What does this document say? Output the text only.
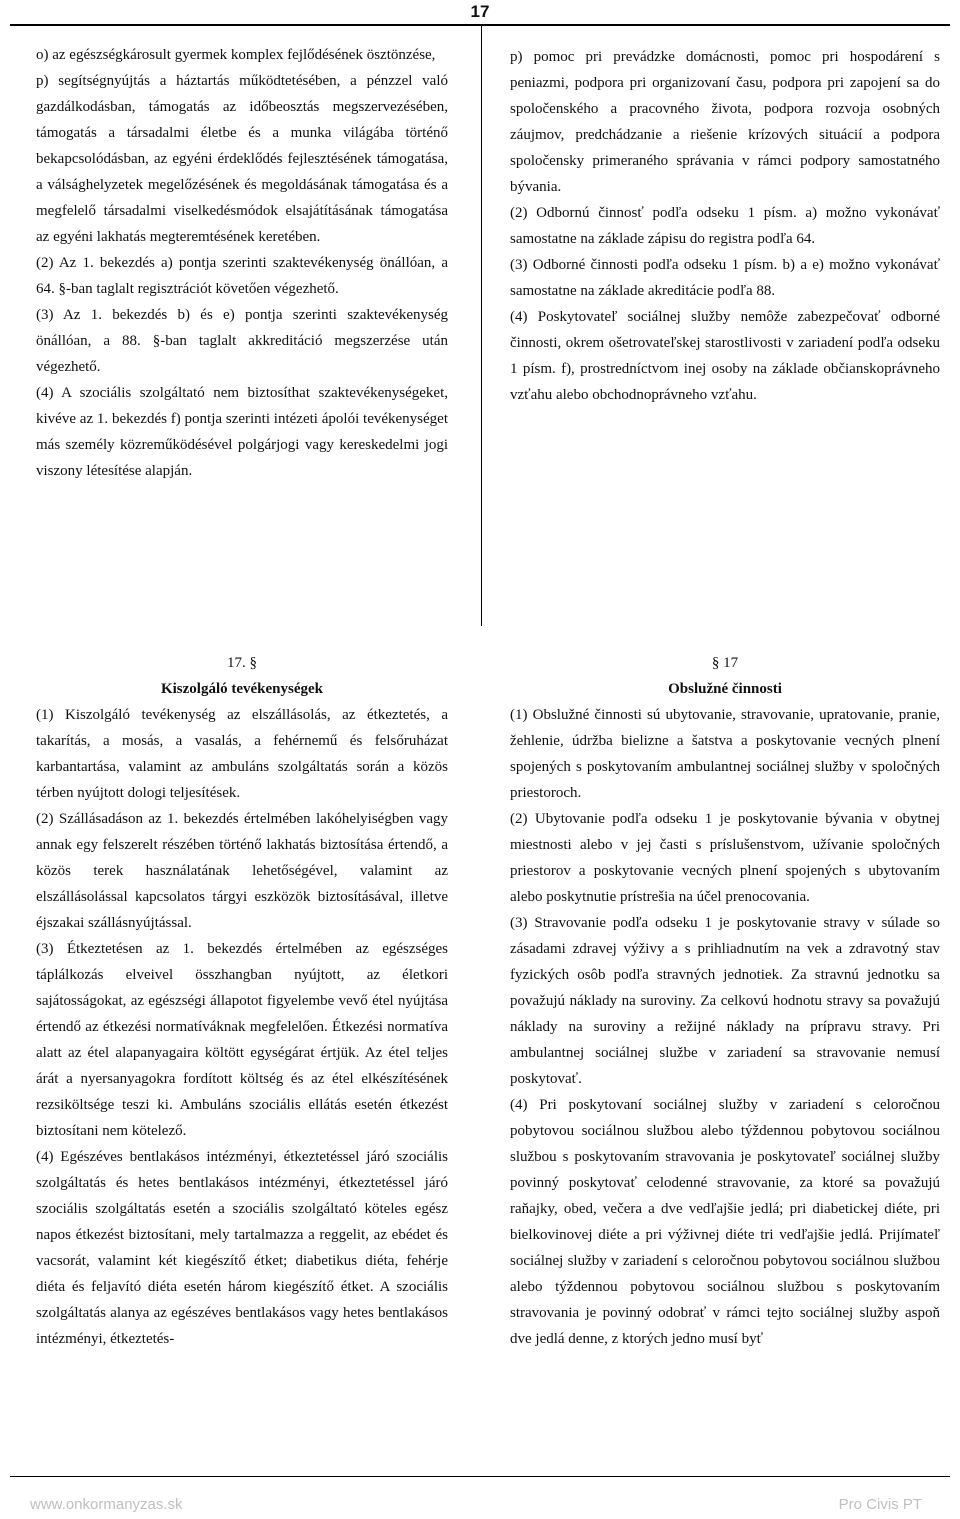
17

o) az egészségkárosult gyermek komplex fejlődésének ösztönzése,

p) segítségnyújtás a háztartás működtetésében, a pénzzel való gazdálkodásban, támogatás az időbeosztás megszervezésében, támogatás a társadalmi életbe és a munka világába történő bekapcsolódásban, az egyéni érdeklődés fejlesztésének támogatása, a válsághelyzetek megelőzésének és megoldásának támogatása és a megfelelő társadalmi viselkedésmódok elsajátításának támogatása az egyéni lakhatás megteremtésének keretében.

(2) Az 1. bekezdés a) pontja szerinti szaktevékenység önállóan, a 64. §-ban taglalt regisztrációt követően végezhető.

(3) Az 1. bekezdés b) és e) pontja szerinti szaktevékenység önállóan, a 88. §-ban taglalt akkreditáció megszerzése után végezhető.

(4) A szociális szolgáltató nem biztosíthat szaktevékenységeket, kivéve az 1. bekezdés f) pontja szerinti intézeti ápolói tevékenységet más személy közreműködésével polgárjogi vagy kereskedelmi jogi viszony létesítése alapján.

p) pomoc pri prevádzke domácnosti, pomoc pri hospodárení s peniazmi, podpora pri organizovaní času, podpora pri zapojení sa do spoločenského a pracovného života, podpora rozvoja osobných záujmov, predchádzanie a riešenie krízových situácií a podpora spoločensky primeraného správania v rámci podpory samostatného bývania.

(2) Odbornú činnosť podľa odseku 1 písm. a) možno vykonávať samostatne na základe zápisu do registra podľa 64.

(3) Odborné činnosti podľa odseku 1 písm. b) a e) možno vykonávať samostatne na základe akreditácie podľa 88.

(4) Poskytovateľ sociálnej služby nemôže zabezpečovať odborné činnosti, okrem ošetrovateľskej starostlivosti v zariadení podľa odseku 1 písm. f), prostredníctvom inej osoby na základe občianskoprávneho vzťahu alebo obchodnoprávneho vzťahu.

17. §

Kiszolgáló tevékenységek

(1) Kiszolgáló tevékenység az elszállásolás, az étkeztetés, a takarítás, a mosás, a vasalás, a fehérnemű és felsőruházat karbantartása, valamint az ambuláns szolgáltatás során a közös térben nyújtott dologi teljesítések.

(2) Szállásadáson az 1. bekezdés értelmében lakóhelyiségben vagy annak egy felszerelt részében történő lakhatás biztosítása értendő, a közös terek használatának lehetőségével, valamint az elszállásolással kapcsolatos tárgyi eszközök biztosításával, illetve éjszakai szállásnyújtással.

(3) Étkeztetésen az 1. bekezdés értelmében az egészséges táplálkozás elveivel összhangban nyújtott, az életkori sajátosságokat, az egészségi állapotot figyelembe vevő étel nyújtása értendő az étkezési normatíváknak megfelelően. Étkezési normatíva alatt az étel alapanyagaira költött egységárat értjük. Az étel teljes árát a nyersanyagokra fordított költség és az étel elkészítésének rezsiköltsége teszi ki. Ambuláns szociális ellátás esetén étkezést biztosítani nem kötelező.

(4) Egészéves bentlakásos intézményi, étkeztetéssel járó szociális szolgáltatás és hetes bentlakásos intézményi, étkeztetéssel járó szociális szolgáltatás esetén a szociális szolgáltató köteles egész napos étkezést biztosítani, mely tartalmazza a reggelit, az ebédet és vacsorát, valamint két kiegészítő étket; diabetikus diéta, fehérje diéta és feljavító diéta esetén három kiegészítő étket. A szociális szolgáltatás alanya az egészéves bentlakásos vagy hetes bentlakásos intézményi, étkeztetés-

§ 17

Obslužné činnosti

(1) Obslužné činnosti sú ubytovanie, stravovanie, upratovanie, pranie, žehlenie, údržba bielizne a šatstva a poskytovanie vecných plnení spojených s poskytovaním ambulantnej sociálnej služby v spoločných priestoroch.

(2) Ubytovanie podľa odseku 1 je poskytovanie bývania v obytnej miestnosti alebo v jej časti s príslušenstvom, užívanie spoločných priestorov a poskytovanie vecných plnení spojených s ubytovaním alebo poskytnutie prístrešia na účel prenocovania.

(3) Stravovanie podľa odseku 1 je poskytovanie stravy v súlade so zásadami zdravej výživy a s prihliadnutím na vek a zdravotný stav fyzických osôb podľa stravných jednotiek. Za stravnú jednotku sa považujú náklady na suroviny. Za celkovú hodnotu stravy sa považujú náklady na suroviny a režijné náklady na prípravu stravy. Pri ambulantnej sociálnej službe v zariadení sa stravovanie nemusí poskytovať.

(4) Pri poskytovaní sociálnej služby v zariadení s celoročnou pobytovou sociálnou službou alebo týždennou pobytovou sociálnou službou s poskytovaním stravovania je poskytovateľ sociálnej služby povinný poskytovať celodenné stravovanie, za ktoré sa považujú raňajky, obed, večera a dve vedľajšie jedlá; pri diabetickej diéte, pri bielkovinovej diéte a pri výživnej diéte tri vedľajšie jedlá. Prijímateľ sociálnej služby v zariadení s celoročnou pobytovou sociálnou službou alebo týždennou pobytovou sociálnou službou s poskytovaním stravovania je povinný odobrať v rámci tejto sociálnej služby aspoň dve jedlá denne, z ktorých jedno musí byť

www.onkormanyzas.sk	Pro Civis PT
